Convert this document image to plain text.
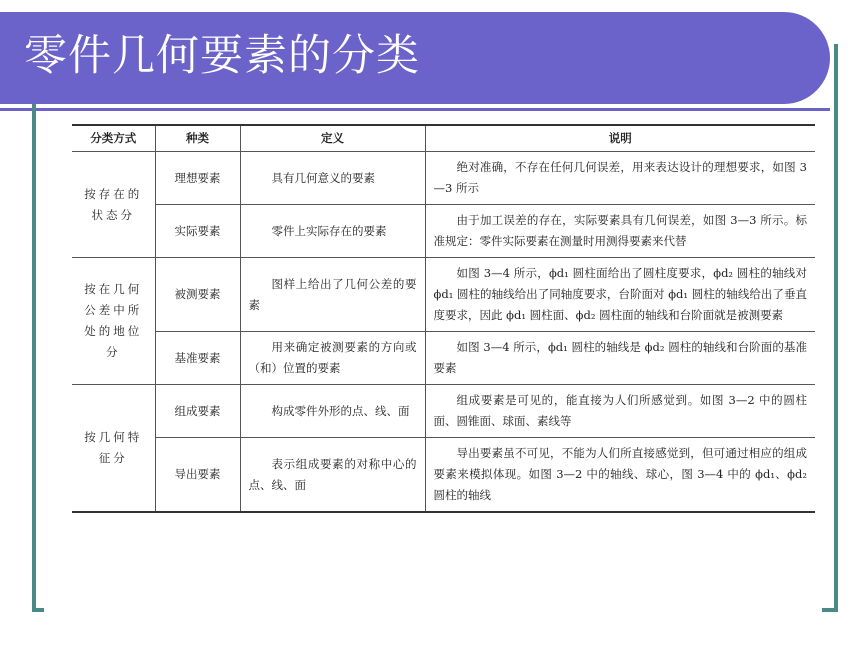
零件几何要素的分类
分类方式	种类	定义	说明
按存在的状态分	理想要素	具有几何意义的要素	绝对准确，不存在任何几何误差，用来表达设计的理想要求，如图 3—3 所示
	实际要素	零件上实际存在的要素	由于加工误差的存在，实际要素具有几何误差，如图 3—3 所示。标准规定：零件实际要素在测量时用测得要素来代替
按在几何公差中所处的地位分	被测要素	图样上给出了几何公差的要素	如图 3—4 所示，ϕd₁ 圆柱面给出了圆柱度要求，ϕd₂ 圆柱的轴线对 ϕd₁ 圆柱的轴线给出了同轴度要求，台阶面对 ϕd₁ 圆柱的轴线给出了垂直度要求，因此 ϕd₁ 圆柱面、ϕd₂ 圆柱面的轴线和台阶面就是被测要素
	基准要素	用来确定被测要素的方向或（和）位置的要素	如图 3—4 所示，ϕd₁ 圆柱的轴线是 ϕd₂ 圆柱的轴线和台阶面的基准要素
按几何特征分	组成要素	构成零件外形的点、线、面	组成要素是可见的，能直接为人们所感觉到。如图 3—2 中的圆柱面、圆锥面、球面、素线等
	导出要素	表示组成要素的对称中心的点、线、面	导出要素虽不可见，不能为人们所直接感觉到，但可通过相应的组成要素来模拟体现。如图 3—2 中的轴线、球心，图 3—4 中的 ϕd₁、ϕd₂ 圆柱的轴线
